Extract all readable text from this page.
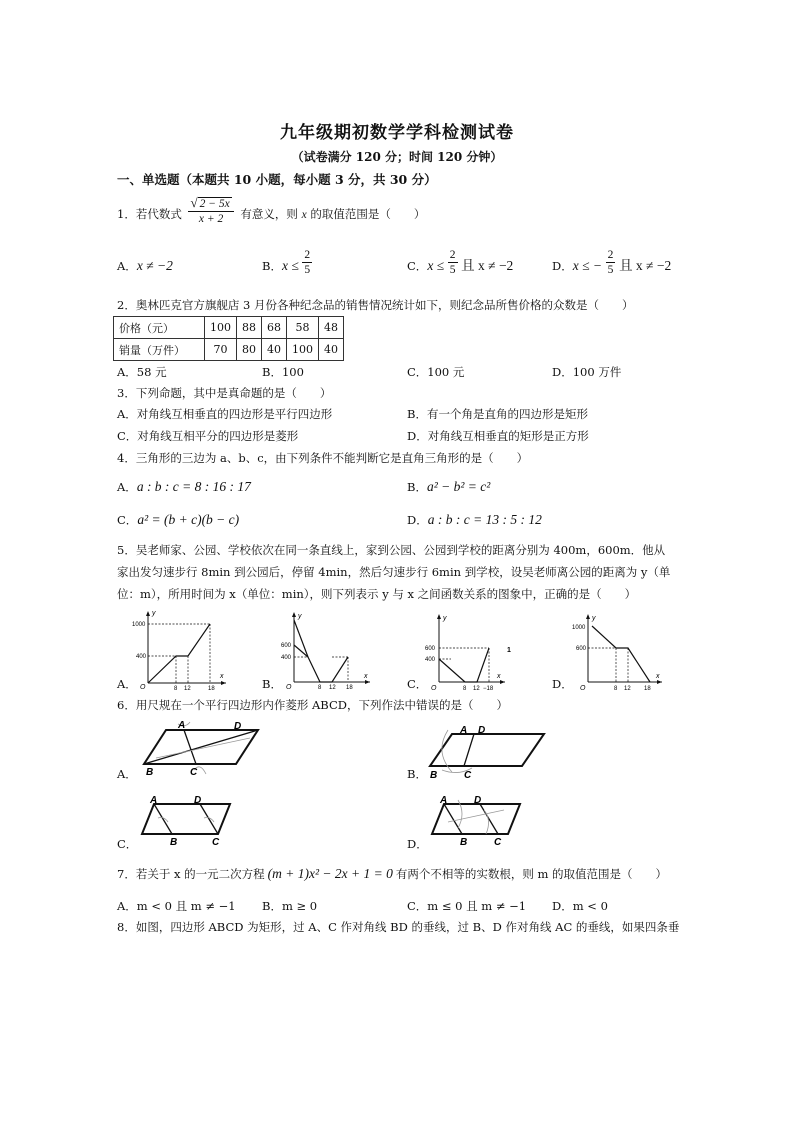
九年级期初数学学科检测试卷
（试卷满分 120 分；时间 120 分钟）
一、单选题（本题共 10 小题，每小题 3 分，共 30 分）
1．若代数式 $\frac{√ 2 - 5x}{x + 2}$ 有意义，则 x 的取值范围是（　　）
A．x ≠ −2	B．$x \le \frac{2}{5}$	C．$x \le \frac{2}{5}$ 且 x ≠ −2	D．x ≤ − $\frac{2}{5}$ 且 x ≠ −2
2．奥林匹克官方旗舰店 3 月份各种纪念品的销售情况统计如下，则纪念品所售价格的众数是（　　）
价格（元）	100	88	68	58	48
销量（万件）	70	80	40	100	40
A．58 元	B．100	C．100 元	D．100 万件
3．下列命题，其中是真命题的是（　　）
A．对角线互相垂直的四边形是平行四边形	B．有一个角是直角的四边形是矩形
C．对角线互相平分的四边形是菱形	D．对角线互相垂直的矩形是正方形
4．三角形的三边为 a、b、c，由下列条件不能判断它是直角三角形的是（　　）
A．a : b : c = 8 : 16 : 17	B．a² − b² = c²
C．a² = (b + c)(b − c)	D．a : b : c = 13 : 5 : 12
5．吴老师家、公园、学校依次在同一条直线上，家到公园、公园到学校的距离分别为 400m，600m．他从
家出发匀速步行 8min 到公园后，停留 4min，然后匀速步行 6min 到学校，设吴老师离公园的距离为 y（单
位：m），所用时间为 x（单位：min），则下列表示 y 与 x 之间函数关系的图象中，正确的是（　　）
A．	B．	C．	D．
y
x
O
1000
400
8 12	18
y
x
O
600
400
8 12 18
y
x
O
600
400
8 12 −18
1
y
x
O
1000
600
8 12 18
6．用尺规在一个平行四边形内作菱形 ABCD，下列作法中错误的是（　　）
A．	B．
C．	D．
A	D
B	C
A D
B	C
A	D
B	C
A	D
B	C
7．若关于 x 的一元二次方程 (m + 1)x² − 2x + 1 = 0 有两个不相等的实数根，则 m 的取值范围是（　　）
A．m < 0 且 m ≠ −1 B．m ≥ 0	C．m ≤ 0 且 m ≠ −1 D．m < 0
8．如图，四边形 ABCD 为矩形，过 A、C 作对角线 BD 的垂线，过 B、D 作对角线 AC 的垂线，如果四条垂
